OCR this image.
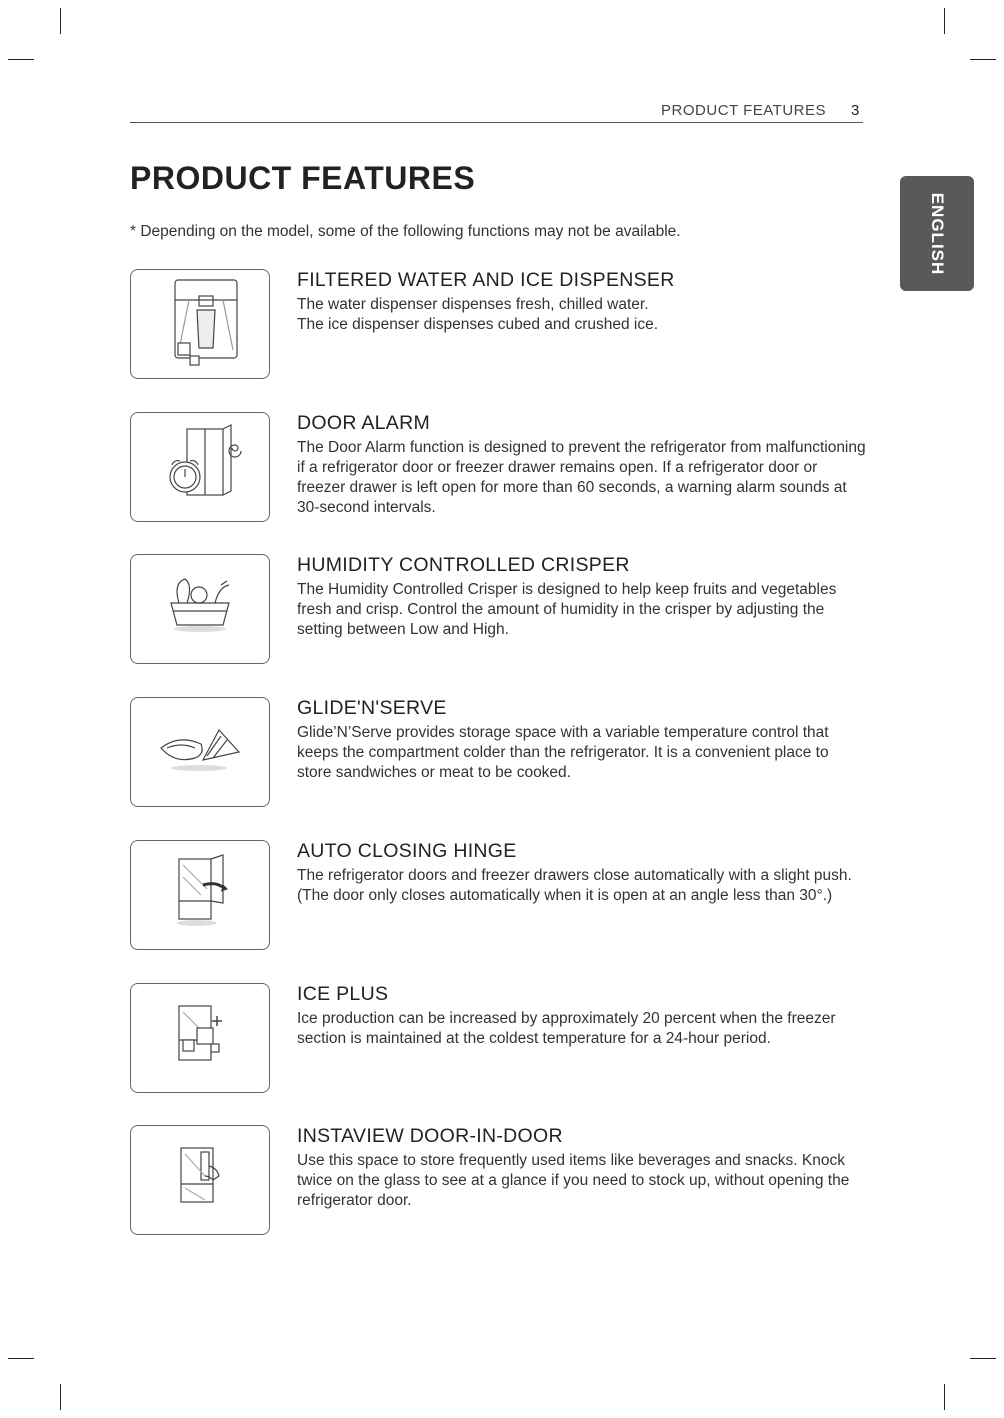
PRODUCT FEATURES 3
ENGLISH
PRODUCT FEATURES
* Depending on the model, some of the following functions may not be available.
FILTERED WATER AND ICE DISPENSER
The water dispenser dispenses fresh, chilled water.
The ice dispenser dispenses cubed and crushed ice.
DOOR ALARM
The Door Alarm function is designed to prevent the refrigerator from malfunctioning if a refrigerator door or freezer drawer remains open. If a refrigerator door or freezer drawer is left open for more than 60 seconds, a warning alarm sounds at 30-second intervals.
HUMIDITY CONTROLLED CRISPER
The Humidity Controlled Crisper is designed to help keep fruits and vegetables fresh and crisp. Control the amount of humidity in the crisper by adjusting the setting between Low and High.
GLIDE'N'SERVE
Glide’N’Serve provides storage space with a variable temperature control that keeps the compartment colder than the refrigerator. It is a convenient place to store sandwiches or meat to be cooked.
AUTO CLOSING HINGE
The refrigerator doors and freezer drawers close automatically with a slight push. (The door only closes automatically when it is open at an angle less than 30°.)
ICE PLUS
Ice production can be increased by approximately 20 percent when the freezer section is maintained at the coldest temperature for a 24-hour period.
INSTAVIEW DOOR-IN-DOOR
Use this space to store frequently used items like beverages and snacks. Knock twice on the glass to see at a glance if you need to stock up, without opening the refrigerator door.
